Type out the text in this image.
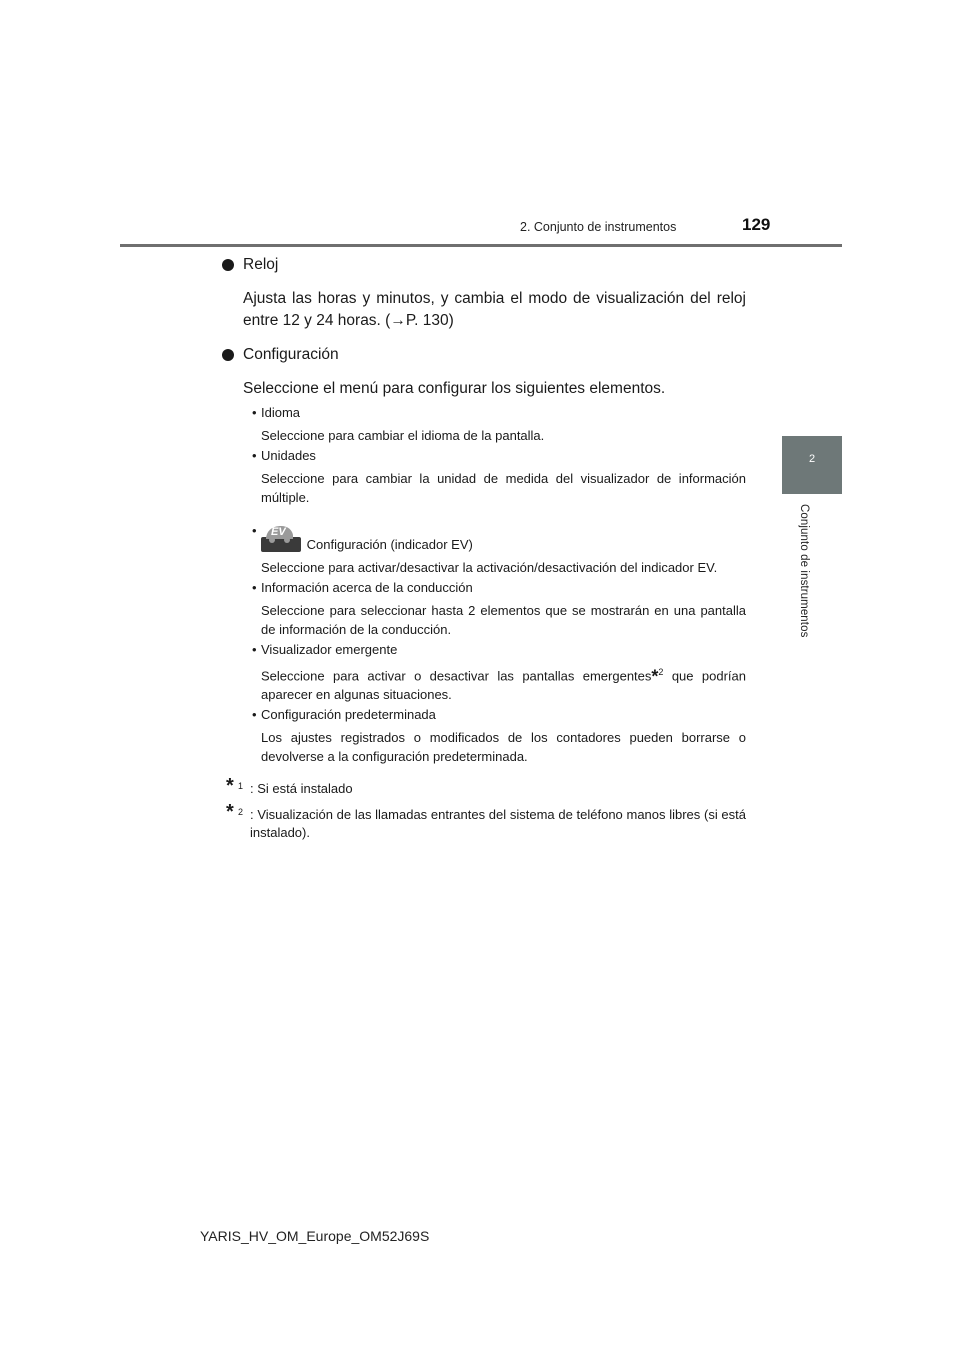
2. Conjunto de instrumentos	129
2
Conjunto de instrumentos
Reloj
Ajusta las horas y minutos, y cambia el modo de visualización del reloj entre 12 y 24 horas. (→P. 130)
Configuración
Seleccione el menú para configurar los siguientes elementos.
• Idioma
Seleccione para cambiar el idioma de la pantalla.
• Unidades
Seleccione para cambiar la unidad de medida del visualizador de información múltiple.
• EV
Configuración (indicador EV)
Seleccione para activar/desactivar la activación/desactivación del indicador EV.
• Información acerca de la conducción
Seleccione para seleccionar hasta 2 elementos que se mostrarán en una pantalla de información de la conducción.
• Visualizador emergente
Seleccione para activar o desactivar las pantallas emergentes*$^2$ que podrían aparecer en algunas situaciones.
• Configuración predeterminada
Los ajustes registrados o modificados de los contadores pueden borrarse o devolverse a la configuración predeterminada.
* 1 : Si está instalado
* 2 : Visualización de las llamadas entrantes del sistema de teléfono manos libres (si está instalado).
YARIS_HV_OM_Europe_OM52J69S
